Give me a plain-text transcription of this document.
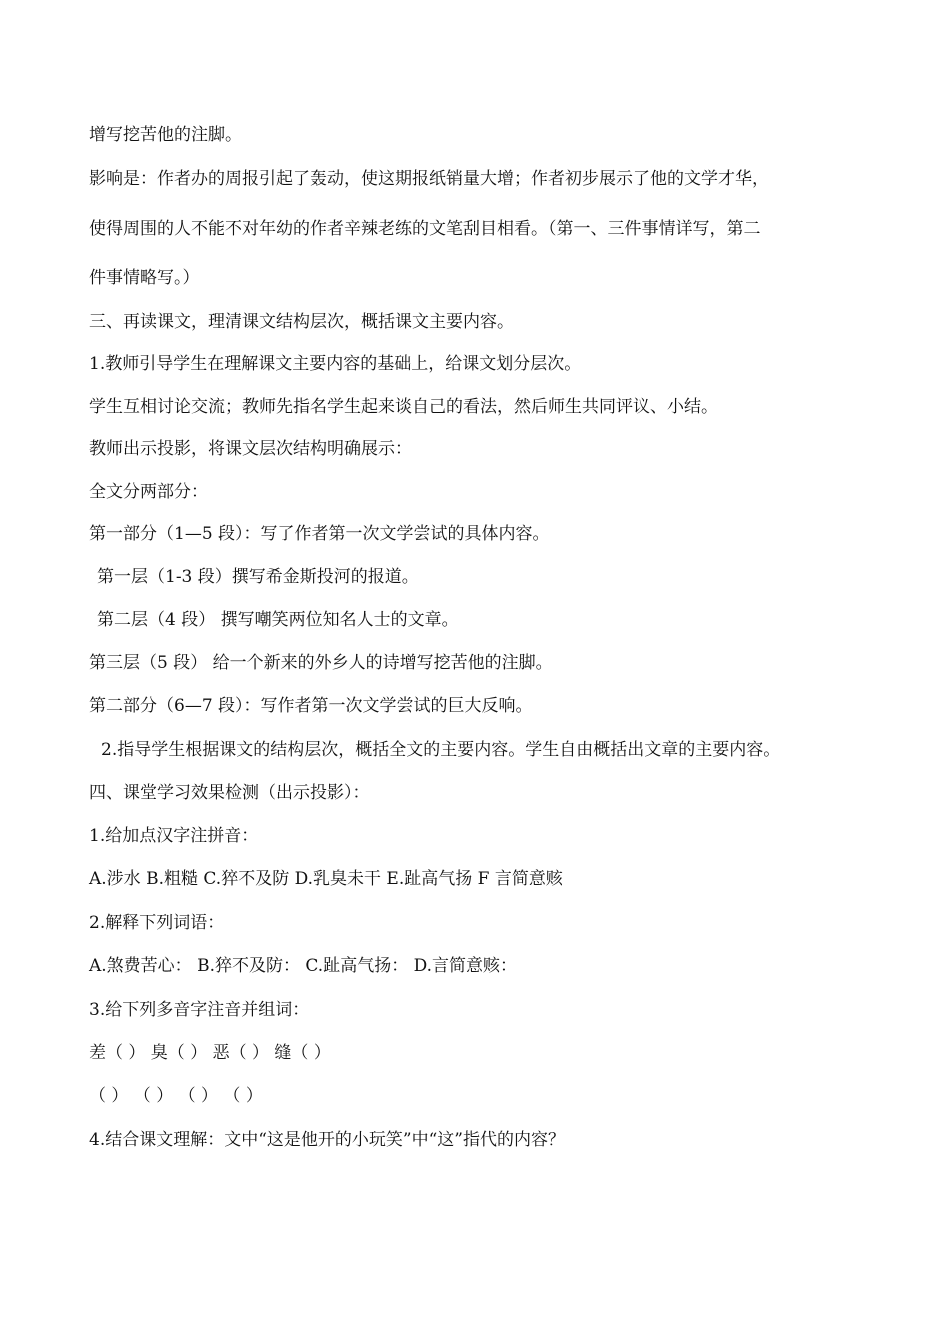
增写挖苦他的注脚。
影响是：作者办的周报引起了轰动，使这期报纸销量大增；作者初步展示了他的文学才华，
使得周围的人不能不对年幼的作者辛辣老练的文笔刮目相看。（第一、三件事情详写，第二
件事情略写。）
三、再读课文，理清课文结构层次，概括课文主要内容。
1.教师引导学生在理解课文主要内容的基础上，给课文划分层次。
学生互相讨论交流；教师先指名学生起来谈自己的看法，然后师生共同评议、小结。
教师出示投影，将课文层次结构明确展示：
全文分两部分：
第一部分（1—5 段）：写了作者第一次文学尝试的具体内容。
第一层（1-3 段）撰写希金斯投河的报道。
第二层（4 段） 撰写嘲笑两位知名人士的文章。
第三层（5 段） 给一个新来的外乡人的诗增写挖苦他的注脚。
第二部分（6—7 段）：写作者第一次文学尝试的巨大反响。
2.指导学生根据课文的结构层次，概括全文的主要内容。学生自由概括出文章的主要内容。
四、课堂学习效果检测（出示投影）：
1.给加点汉字注拼音：
A.涉水 B.粗糙 C.猝不及防 D.乳臭未干 E.趾高气扬 F 言简意赅
2.解释下列词语：
A.煞费苦心： B.猝不及防： C.趾高气扬： D.言简意赅：
3.给下列多音字注音并组词：
差（ ） 臭（ ） 恶（ ） 缝（ ）
（ ） （ ） （ ） （ ）
4.结合课文理解：文中“这是他开的小玩笑”中“这”指代的内容？
